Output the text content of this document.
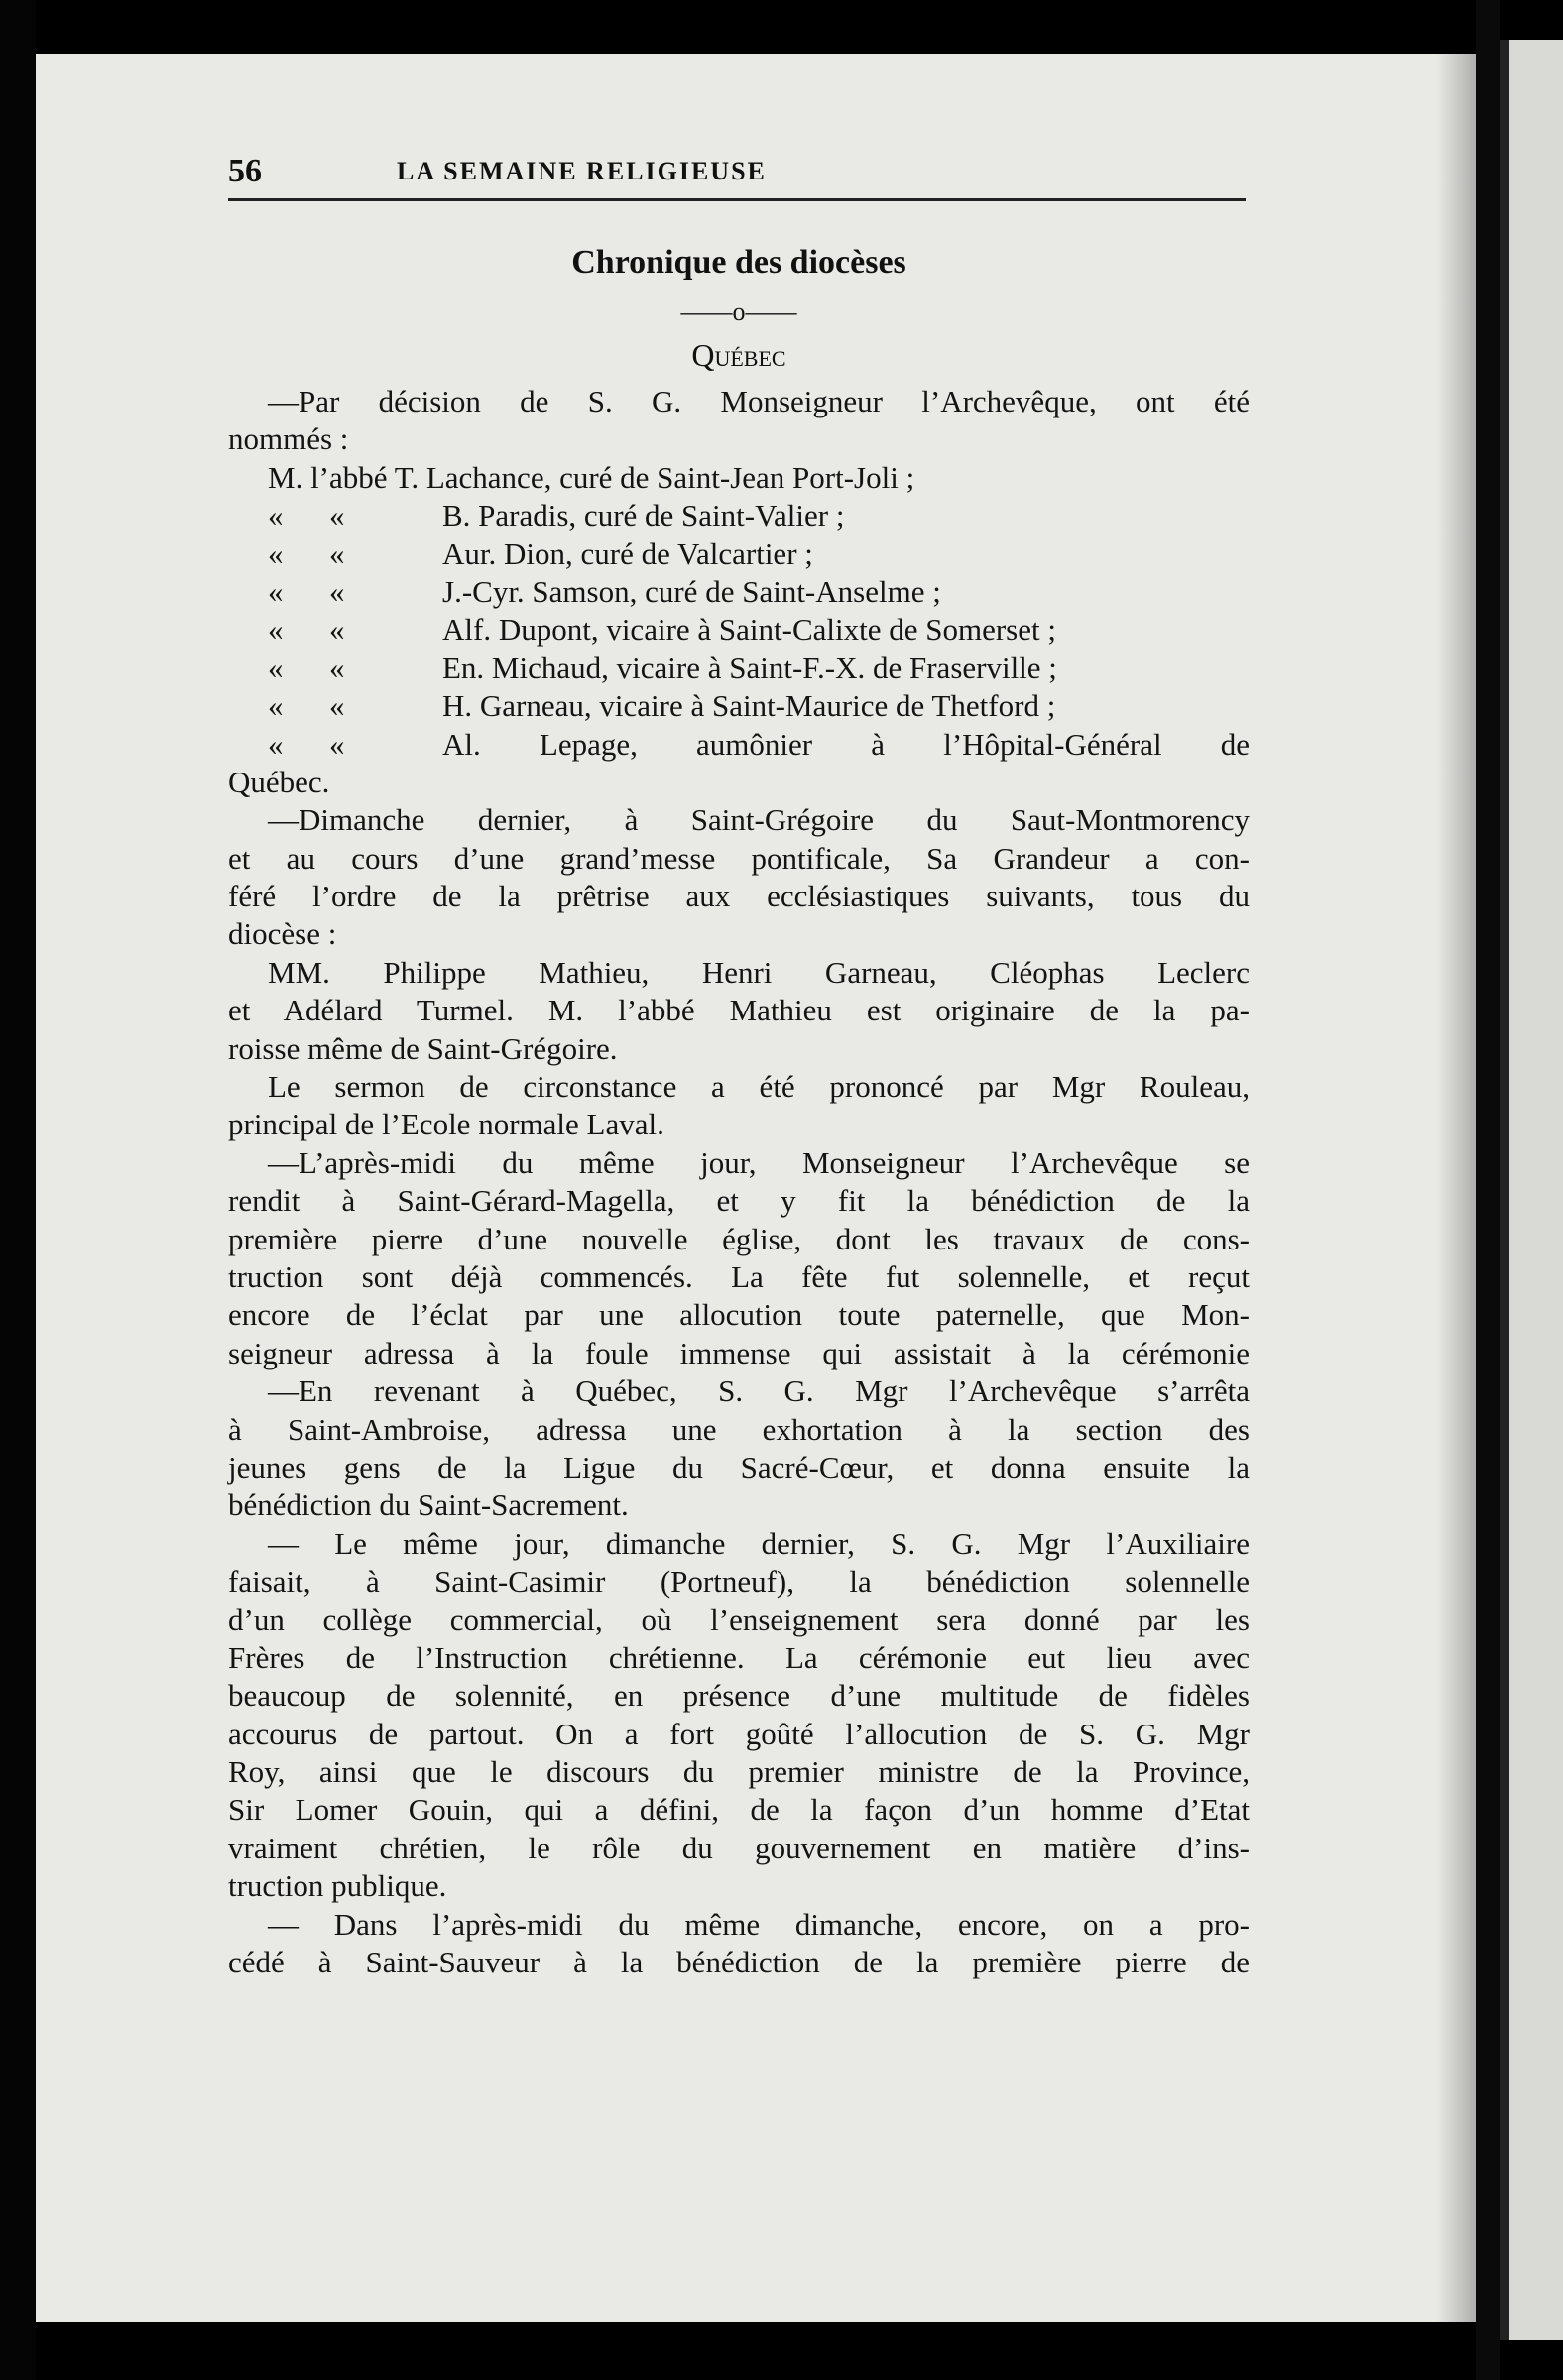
56	LA SEMAINE RELIGIEUSE
Chronique des diocèses
——o——
Québec
—Par décision de S. G. Monseigneur l’Archevêque, ont été
nommés :
M. l’abbé T. Lachance, curé de Saint-Jean Port-Joli ;
«	«	B. Paradis, curé de Saint-Valier ;
«	«	Aur. Dion, curé de Valcartier ;
«	«	J.-Cyr. Samson, curé de Saint-Anselme ;
«	«	Alf. Dupont, vicaire à Saint-Calixte de Somerset ;
«	«	En. Michaud, vicaire à Saint-F.-X. de Fraserville ;
«	«	H. Garneau, vicaire à Saint-Maurice de Thetford ;
«	«	Al. Lepage, aumônier à l’Hôpital-Général de
Québec.
—Dimanche dernier, à Saint-Grégoire du Saut-Montmorency
et au cours d’une grand’messe pontificale, Sa Grandeur a con-
féré l’ordre de la prêtrise aux ecclésiastiques suivants, tous du
diocèse :
MM. Philippe Mathieu, Henri Garneau, Cléophas Leclerc
et Adélard Turmel. M. l’abbé Mathieu est originaire de la pa-
roisse même de Saint-Grégoire.
Le sermon de circonstance a été prononcé par Mgr Rouleau,
principal de l’Ecole normale Laval.
—L’après-midi du même jour, Monseigneur l’Archevêque se
rendit à Saint-Gérard-Magella, et y fit la bénédiction de la
première pierre d’une nouvelle église, dont les travaux de cons-
truction sont déjà commencés. La fête fut solennelle, et reçut
encore de l’éclat par une allocution toute paternelle, que Mon-
seigneur adressa à la foule immense qui assistait à la cérémonie
—En revenant à Québec, S. G. Mgr l’Archevêque s’arrêta
à Saint-Ambroise, adressa une exhortation à la section des
jeunes gens de la Ligue du Sacré-Cœur, et donna ensuite la
bénédiction du Saint-Sacrement.
— Le même jour, dimanche dernier, S. G. Mgr l’Auxiliaire
faisait, à Saint-Casimir (Portneuf), la bénédiction solennelle
d’un collège commercial, où l’enseignement sera donné par les
Frères de l’Instruction chrétienne. La cérémonie eut lieu avec
beaucoup de solennité, en présence d’une multitude de fidèles
accourus de partout. On a fort goûté l’allocution de S. G. Mgr
Roy, ainsi que le discours du premier ministre de la Province,
Sir Lomer Gouin, qui a défini, de la façon d’un homme d’Etat
vraiment chrétien, le rôle du gouvernement en matière d’ins-
truction publique.
— Dans l’après-midi du même dimanche, encore, on a pro-
cédé à Saint-Sauveur à la bénédiction de la première pierre de
